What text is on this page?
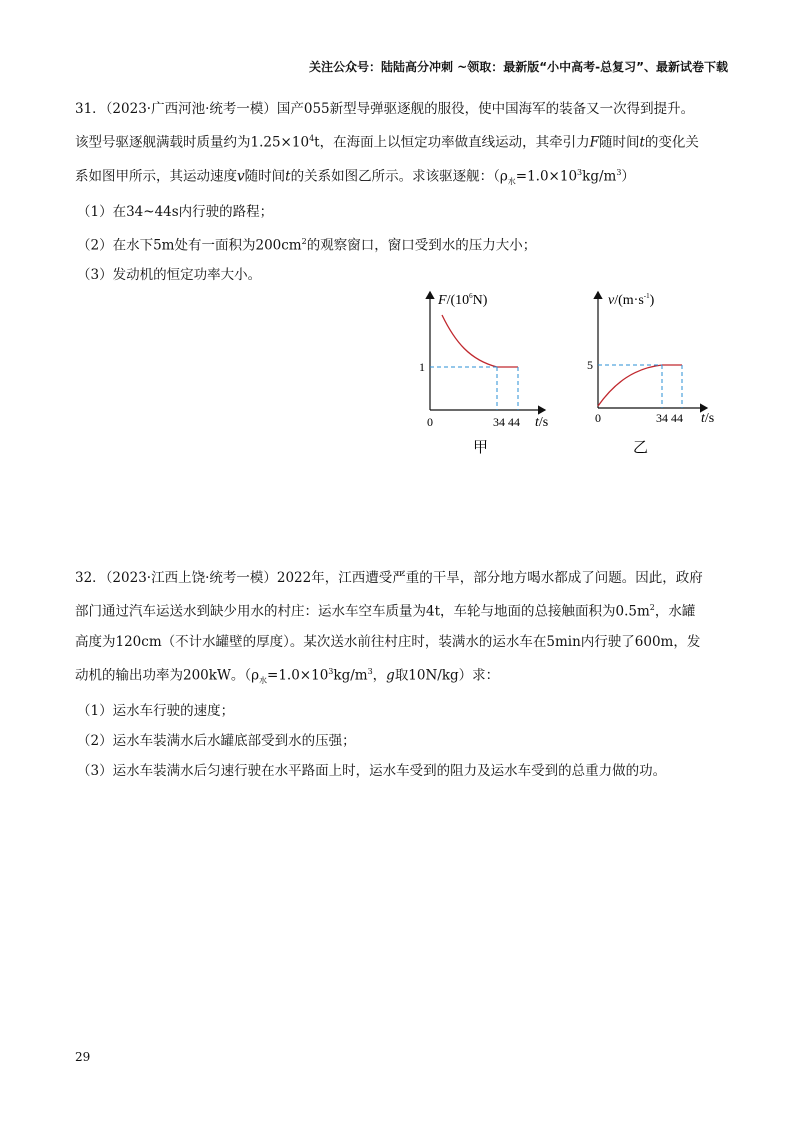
关注公众号：陆陆高分冲刺 ~领取：最新版“小中高考-总复习”、最新试卷下载

31．（2023·广西河池·统考一模）国产055新型导弹驱逐舰的服役，使中国海军的装备又一次得到提升。

该型号驱逐舰满载时质量约为$1.25\times 10^4t$，在海面上以恒定功率做直线运动，其牵引力F随时间t的变化关

系如图甲所示，其运动速度v随时间t的关系如图乙所示。求该驱逐舰：$(\rho_水=1.0\times 10^3kg/m^3)$

（1）在34~44s内行驶的路程；

（2）在水下5m处有一面积为$200cm^2$的观察窗口，窗口受到水的压力大小；

（3）发动机的恒定功率大小。

$F/(10^6N)$
1
0	34 44 t/s
甲
$v/(m\cdot s^{-1})$
5
0	34 44 t/s
乙

32．（2023·江西上饶·统考一模）2022年，江西遭受严重的干旱，部分地方喝水都成了问题。因此，政府

部门通过汽车运送水到缺少用水的村庄：运水车空车质量为4t，车轮与地面的总接触面积为$0.5m^2$，水罐

高度为120cm（不计水罐壁的厚度）。某次送水前往村庄时，装满水的运水车在5min内行驶了600m，发

动机的输出功率为200kW。（$\rho_水=1.0\times 10^3kg/m^3$，g取10N/kg）求：

（1）运水车行驶的速度；

（2）运水车装满水后水罐底部受到水的压强；

（3）运水车装满水后匀速行驶在水平路面上时，运水车受到的阻力及运水车受到的总重力做的功。

29
